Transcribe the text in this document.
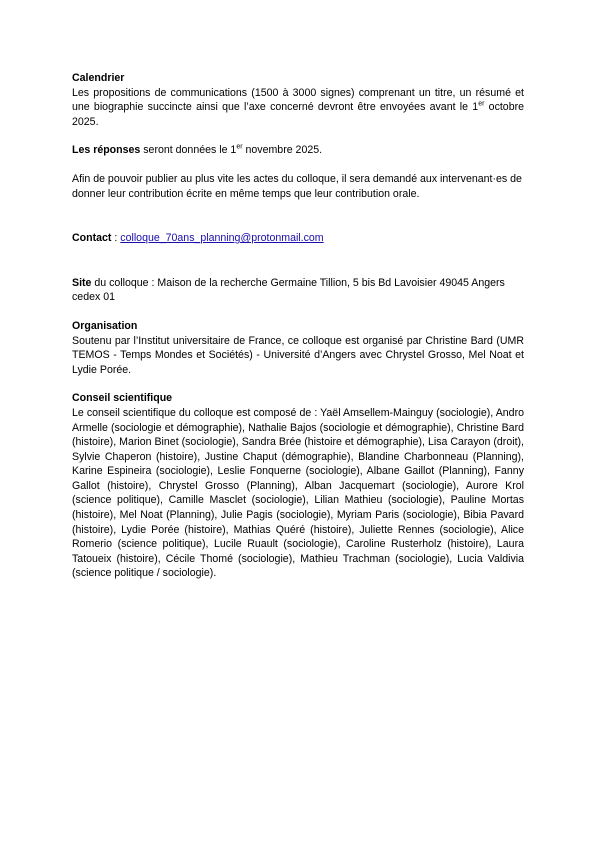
Calendrier

Les propositions de communications (1500 à 3000 signes) comprenant un titre, un résumé et une biographie succincte ainsi que l’axe concerné devront être envoyées avant le 1er octobre 2025.

Les réponses seront données le 1er novembre 2025.

Afin de pouvoir publier au plus vite les actes du colloque, il sera demandé aux intervenant·es de donner leur contribution écrite en même temps que leur contribution orale.

Contact : colloque_70ans_planning@protonmail.com

Site du colloque : Maison de la recherche Germaine Tillion, 5 bis Bd Lavoisier 49045 Angers cedex 01

Organisation

Soutenu par l’Institut universitaire de France, ce colloque est organisé par Christine Bard (UMR TEMOS - Temps Mondes et Sociétés) - Université d’Angers avec Chrystel Grosso, Mel Noat et Lydie Porée.

Conseil scientifique

Le conseil scientifique du colloque est composé de : Yaël Amsellem-Mainguy (sociologie), Andro Armelle (sociologie et démographie), Nathalie Bajos (sociologie et démographie), Christine Bard (histoire), Marion Binet (sociologie), Sandra Brée (histoire et démographie), Lisa Carayon (droit), Sylvie Chaperon (histoire), Justine Chaput (démographie), Blandine Charbonneau (Planning), Karine Espineira (sociologie), Leslie Fonquerne (sociologie), Albane Gaillot (Planning), Fanny Gallot (histoire), Chrystel Grosso (Planning), Alban Jacquemart (sociologie), Aurore Krol (science politique), Camille Masclet (sociologie), Lilian Mathieu (sociologie), Pauline Mortas (histoire), Mel Noat (Planning), Julie Pagis (sociologie), Myriam Paris (sociologie), Bibia Pavard (histoire), Lydie Porée (histoire), Mathias Quéré (histoire), Juliette Rennes (sociologie), Alice Romerio (science politique), Lucile Ruault (sociologie), Caroline Rusterholz (histoire), Laura Tatoueix (histoire), Cécile Thomé (sociologie), Mathieu Trachman (sociologie), Lucia Valdivia (science politique / sociologie).
